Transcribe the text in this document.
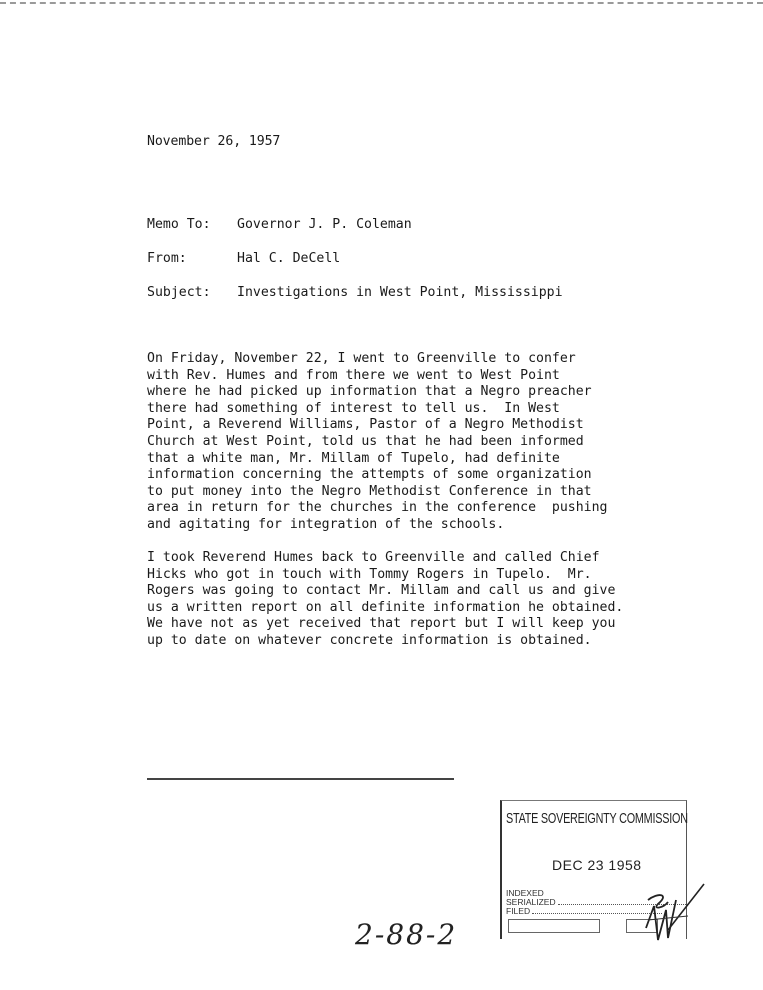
November 26, 1957
Memo To: Governor J. P. Coleman
From:	Hal C. DeCell
Subject: Investigations in West Point, Mississippi
On Friday, November 22, I went to Greenville to confer
with Rev. Humes and from there we went to West Point
where he had picked up information that a Negro preacher
there had something of interest to tell us.  In West
Point, a Reverend Williams, Pastor of a Negro Methodist
Church at West Point, told us that he had been informed
that a white man, Mr. Millam of Tupelo, had definite
information concerning the attempts of some organization
to put money into the Negro Methodist Conference in that
area in return for the churches in the conference  pushing
and agitating for integration of the schools.
I took Reverend Humes back to Greenville and called Chief
Hicks who got in touch with Tommy Rogers in Tupelo.  Mr.
Rogers was going to contact Mr. Millam and call us and give
us a written report on all definite information he obtained.
We have not as yet received that report but I will keep you
up to date on whatever concrete information is obtained.
STATE SOVEREIGNTY COMMISSION
DEC 23 1958
INDEXED
SERIALIZED
FILED
2-88-2
